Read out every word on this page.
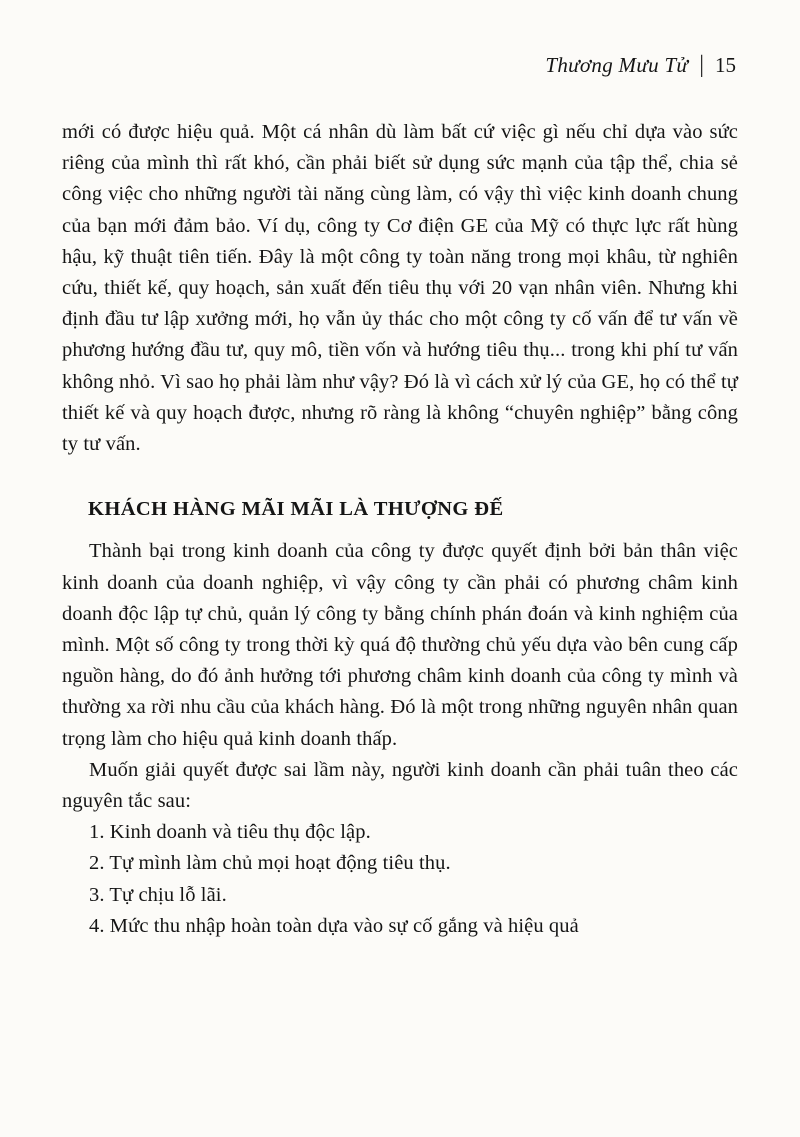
Thương Mưu Tử | 15

mới có được hiệu quả. Một cá nhân dù làm bất cứ việc gì nếu chỉ dựa vào sức riêng của mình thì rất khó, cần phải biết sử dụng sức mạnh của tập thể, chia sẻ công việc cho những người tài năng cùng làm, có vậy thì việc kinh doanh chung của bạn mới đảm bảo. Ví dụ, công ty Cơ điện GE của Mỹ có thực lực rất hùng hậu, kỹ thuật tiên tiến. Đây là một công ty toàn năng trong mọi khâu, từ nghiên cứu, thiết kế, quy hoạch, sản xuất đến tiêu thụ với 20 vạn nhân viên. Nhưng khi định đầu tư lập xưởng mới, họ vẫn ủy thác cho một công ty cố vấn để tư vấn về phương hướng đầu tư, quy mô, tiền vốn và hướng tiêu thụ... trong khi phí tư vấn không nhỏ. Vì sao họ phải làm như vậy? Đó là vì cách xử lý của GE, họ có thể tự thiết kế và quy hoạch được, nhưng rõ ràng là không “chuyên nghiệp” bằng công ty tư vấn.

KHÁCH HÀNG MÃI MÃI LÀ THƯỢNG ĐẾ

Thành bại trong kinh doanh của công ty được quyết định bởi bản thân việc kinh doanh của doanh nghiệp, vì vậy công ty cần phải có phương châm kinh doanh độc lập tự chủ, quản lý công ty bằng chính phán đoán và kinh nghiệm của mình. Một số công ty trong thời kỳ quá độ thường chủ yếu dựa vào bên cung cấp nguồn hàng, do đó ảnh hưởng tới phương châm kinh doanh của công ty mình và thường xa rời nhu cầu của khách hàng. Đó là một trong những nguyên nhân quan trọng làm cho hiệu quả kinh doanh thấp.

Muốn giải quyết được sai lầm này, người kinh doanh cần phải tuân theo các nguyên tắc sau:

1. Kinh doanh và tiêu thụ độc lập.

2. Tự mình làm chủ mọi hoạt động tiêu thụ.

3. Tự chịu lỗ lãi.

4. Mức thu nhập hoàn toàn dựa vào sự cố gắng và hiệu quả
